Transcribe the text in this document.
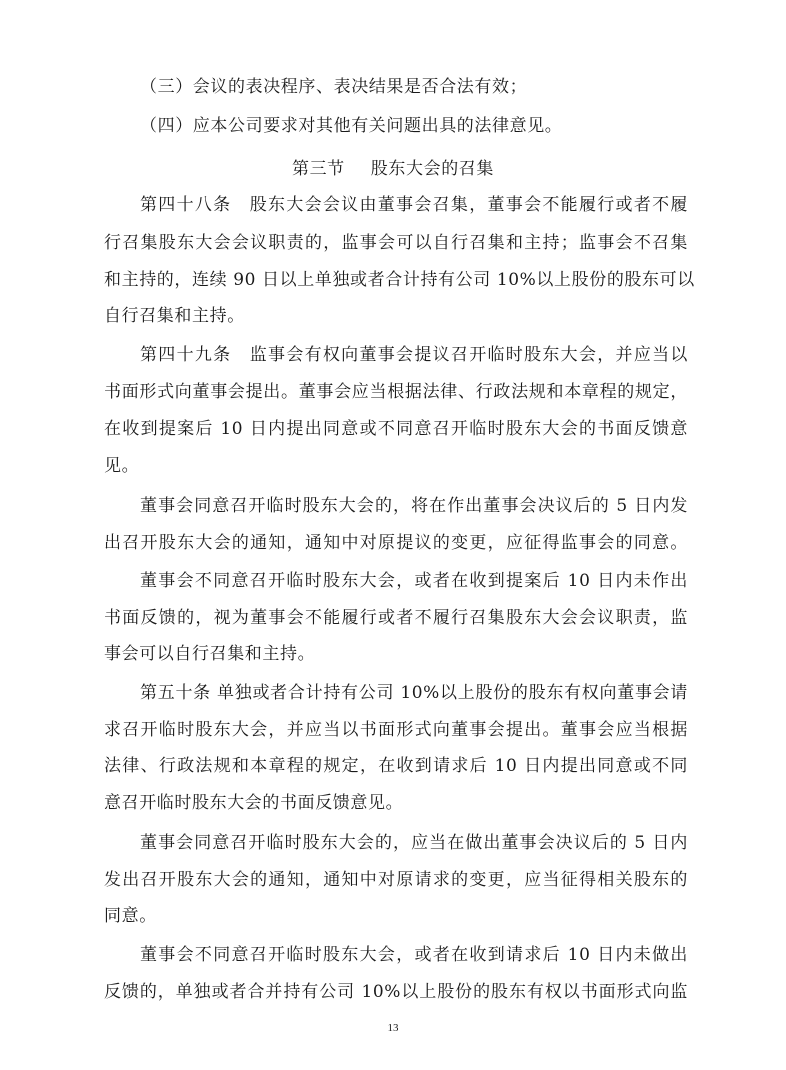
（三）会议的表决程序、表决结果是否合法有效；
（四）应本公司要求对其他有关问题出具的法律意见。
第三节 股东大会的召集
第四十八条　股东大会会议由董事会召集，董事会不能履行或者不履
行召集股东大会会议职责的，监事会可以自行召集和主持；监事会不召集
和主持的，连续 90 日以上单独或者合计持有公司 10%以上股份的股东可以
自行召集和主持。
第四十九条　监事会有权向董事会提议召开临时股东大会，并应当以
书面形式向董事会提出。董事会应当根据法律、行政法规和本章程的规定，
在收到提案后 10 日内提出同意或不同意召开临时股东大会的书面反馈意
见。
董事会同意召开临时股东大会的，将在作出董事会决议后的 5 日内发
出召开股东大会的通知，通知中对原提议的变更，应征得监事会的同意。
董事会不同意召开临时股东大会，或者在收到提案后 10 日内未作出
书面反馈的，视为董事会不能履行或者不履行召集股东大会会议职责，监
事会可以自行召集和主持。
第五十条 单独或者合计持有公司 10%以上股份的股东有权向董事会请
求召开临时股东大会，并应当以书面形式向董事会提出。董事会应当根据
法律、行政法规和本章程的规定，在收到请求后 10 日内提出同意或不同
意召开临时股东大会的书面反馈意见。
董事会同意召开临时股东大会的，应当在做出董事会决议后的 5 日内
发出召开股东大会的通知，通知中对原请求的变更，应当征得相关股东的
同意。
董事会不同意召开临时股东大会，或者在收到请求后 10 日内未做出
反馈的，单独或者合并持有公司 10%以上股份的股东有权以书面形式向监
13
